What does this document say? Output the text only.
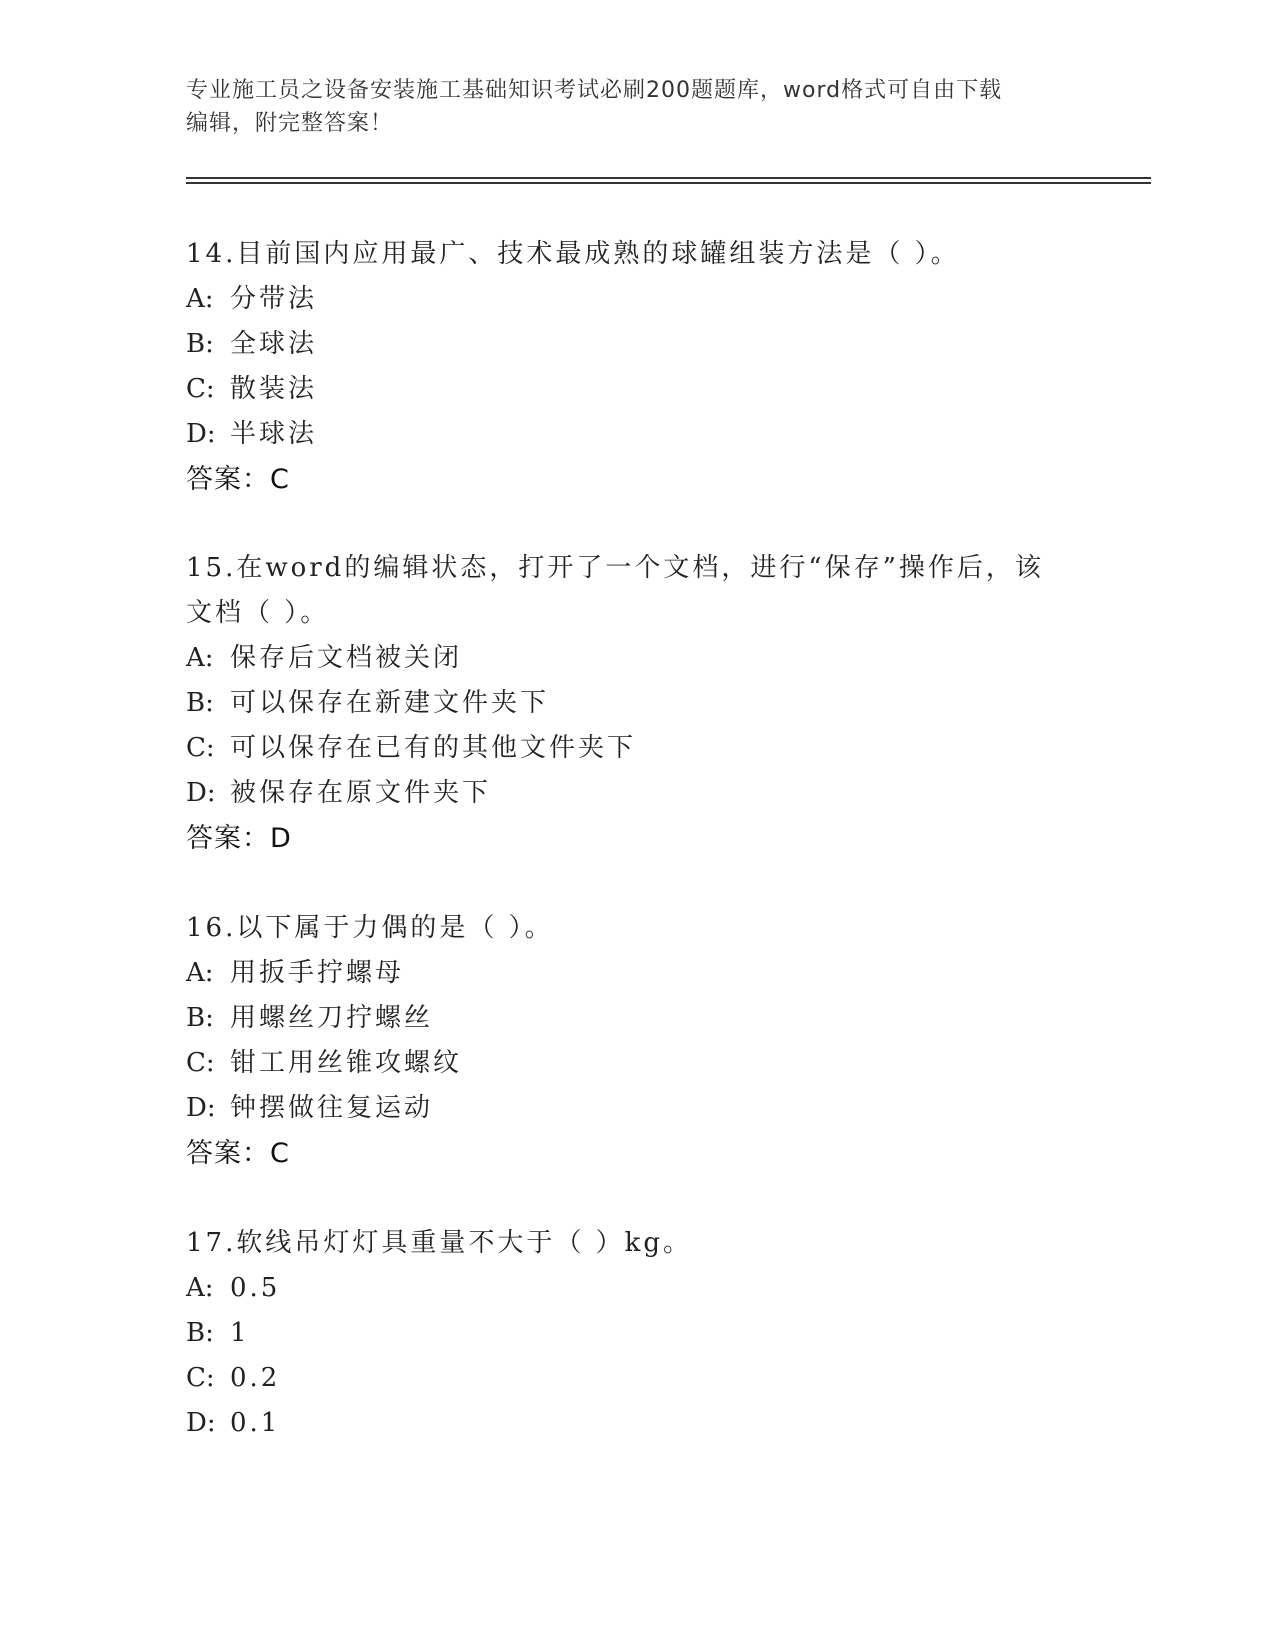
专业施工员之设备安装施工基础知识考试必刷200题题库，word格式可自由下载
编辑，附完整答案！

14.目前国内应用最广、技术最成熟的球罐组装方法是（ ）。

A: 分带法

B: 全球法

C: 散装法

D: 半球法

答案：C

15.在word的编辑状态，打开了一个文档，进行“保存”操作后，该

文档（ ）。

A: 保存后文档被关闭

B: 可以保存在新建文件夹下

C: 可以保存在已有的其他文件夹下

D: 被保存在原文件夹下

答案：D

16.以下属于力偶的是（ ）。

A: 用扳手拧螺母

B: 用螺丝刀拧螺丝

C: 钳工用丝锥攻螺纹

D: 钟摆做往复运动

答案：C

17.软线吊灯灯具重量不大于（ ）kg。

A: 0.5

B: 1

C: 0.2

D: 0.1
